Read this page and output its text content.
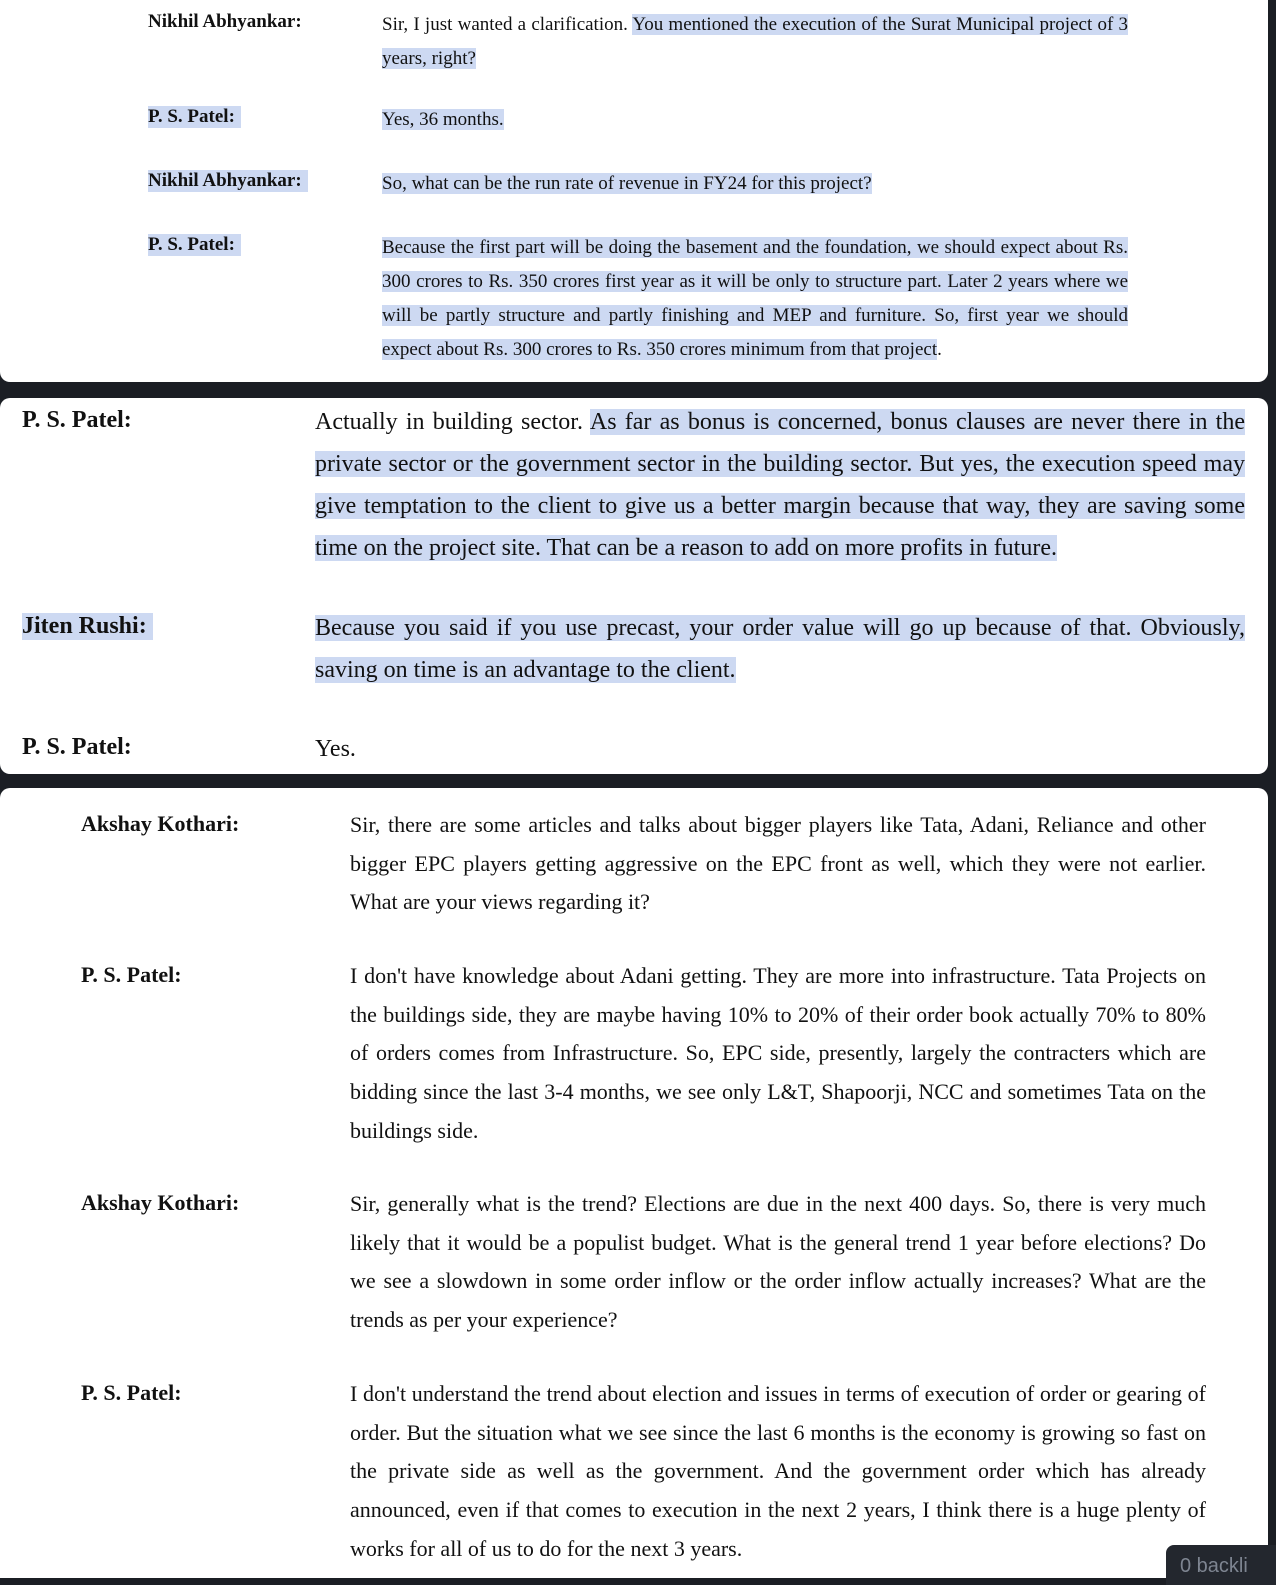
Nikhil Abhyankar:	Sir, I just wanted a clarification. You mentioned the execution of the Surat Municipal project of 3 years, right?
P. S. Patel:	Yes, 36 months.
Nikhil Abhyankar:	So, what can be the run rate of revenue in FY24 for this project?
P. S. Patel:	Because the first part will be doing the basement and the foundation, we should expect about Rs. 300 crores to Rs. 350 crores first year as it will be only to structure part. Later 2 years where we will be partly structure and partly finishing and MEP and furniture. So, first year we should expect about Rs. 300 crores to Rs. 350 crores minimum from that project.
P. S. Patel:	Actually in building sector. As far as bonus is concerned, bonus clauses are never there in the private sector or the government sector in the building sector. But yes, the execution speed may give temptation to the client to give us a better margin because that way, they are saving some time on the project site. That can be a reason to add on more profits in future.
Jiten Rushi:	Because you said if you use precast, your order value will go up because of that. Obviously, saving on time is an advantage to the client.
P. S. Patel:	Yes.
Akshay Kothari:	Sir, there are some articles and talks about bigger players like Tata, Adani, Reliance and other bigger EPC players getting aggressive on the EPC front as well, which they were not earlier. What are your views regarding it?
P. S. Patel:	I don't have knowledge about Adani getting. They are more into infrastructure. Tata Projects on the buildings side, they are maybe having 10% to 20% of their order book actually 70% to 80% of orders comes from Infrastructure. So, EPC side, presently, largely the contracters which are bidding since the last 3-4 months, we see only L&T, Shapoorji, NCC and sometimes Tata on the buildings side.
Akshay Kothari:	Sir, generally what is the trend? Elections are due in the next 400 days. So, there is very much likely that it would be a populist budget. What is the general trend 1 year before elections? Do we see a slowdown in some order inflow or the order inflow actually increases? What are the trends as per your experience?
P. S. Patel:	I don't understand the trend about election and issues in terms of execution of order or gearing of order. But the situation what we see since the last 6 months is the economy is growing so fast on the private side as well as the government. And the government order which has already announced, even if that comes to execution in the next 2 years, I think there is a huge plenty of works for all of us to do for the next 3 years.
0 backli
